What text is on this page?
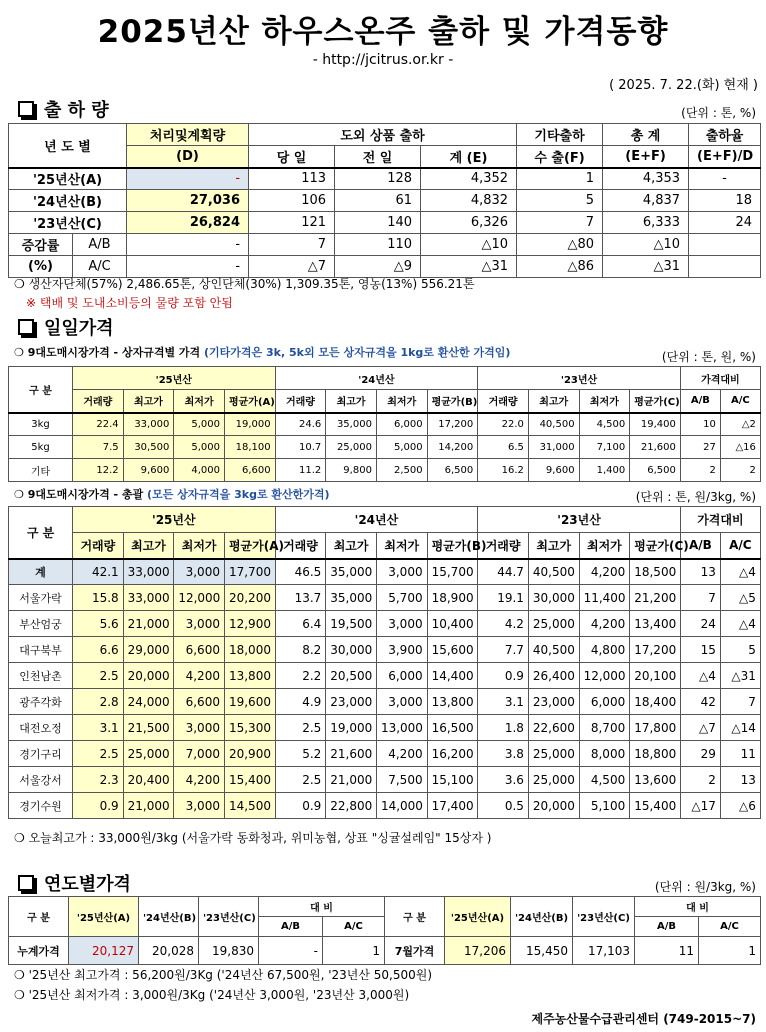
2025년산 하우스온주 출하 및 가격동향
- http://jcitrus.or.kr -
( 2025. 7. 22.(화) 현재 )
출 하 량	(단위 : 톤, %)
년 도 별		처리및계획량	도외 상품 출하			기타출하	총 계	출하율
		(D)	당 일	전 일	계 (E)	수 출(F)	(E+F)	(E+F)/D
'25년산(A)		-	113	128	4,352	1	4,353	-
'24년산(B)		27,036	106	61	4,832	5	4,837	18
'23년산(C)		26,824	121	140	6,326	7	6,333	24
증감률	A/B	-	7	110	△10	△80	△10	
(%)	A/C	-	△7	△9	△31	△86	△31	
❍ 생산자단체(57%) 2,486.65톤, 상인단체(30%) 1,309.35톤, 영농(13%) 556.21톤
※ 택배 및 도내소비등의 물량 포함 안됨
일일가격
❍ 9대도매시장가격 - 상자규격별 가격 (기타가격은 3k, 5k외 모든 상자규격을 1kg로 환산한 가격임)	(단위 : 톤, 원, %)
구 분	'25년산				'24년산				'23년산				가격대비	
	거래량	최고가	최저가	평균가(A)	거래량	최고가	최저가	평균가(B)	거래량	최고가	최저가	평균가(C)	A/B	A/C
3kg	22.4	33,000	5,000	19,000	24.6	35,000	6,000	17,200	22.0	40,500	4,500	19,400	10	△2
5kg	7.5	30,500	5,000	18,100	10.7	25,000	5,000	14,200	6.5	31,000	7,100	21,600	27	△16
기타	12.2	9,600	4,000	6,600	11.2	9,800	2,500	6,500	16.2	9,600	1,400	6,500	2	2
❍ 9대도매시장가격 - 총괄 (모든 상자규격을 3kg로 환산한가격)	(단위 : 톤, 원/3kg, %)
구 분	'25년산				'24년산				'23년산				가격대비	
	거래량	최고가	최저가	평균가(A)	거래량	최고가	최저가	평균가(B)	거래량	최고가	최저가	평균가(C)	A/B	A/C
계	42.1	33,000	3,000	17,700	46.5	35,000	3,000	15,700	44.7	40,500	4,200	18,500	13	△4
서울가락	15.8	33,000	12,000	20,200	13.7	35,000	5,700	18,900	19.1	30,000	11,400	21,200	7	△5
부산엄궁	5.6	21,000	3,000	12,900	6.4	19,500	3,000	10,400	4.2	25,000	4,200	13,400	24	△4
대구북부	6.6	29,000	6,600	18,000	8.2	30,000	3,900	15,600	7.7	40,500	4,800	17,200	15	5
인천남촌	2.5	20,000	4,200	13,800	2.2	20,500	6,000	14,400	0.9	26,400	12,000	20,100	△4	△31
광주각화	2.8	24,000	6,600	19,600	4.9	23,000	3,000	13,800	3.1	23,000	6,000	18,400	42	7
대전오정	3.1	21,500	3,000	15,300	2.5	19,000	13,000	16,500	1.8	22,600	8,700	17,800	△7	△14
경기구리	2.5	25,000	7,000	20,900	5.2	21,600	4,200	16,200	3.8	25,000	8,000	18,800	29	11
서울강서	2.3	20,400	4,200	15,400	2.5	21,000	7,500	15,100	3.6	25,000	4,500	13,600	2	13
경기수원	0.9	21,000	3,000	14,500	0.9	22,800	14,000	17,400	0.5	20,000	5,100	15,400	△17	△6
❍ 오늘최고가 : 33,000원/3kg (서울가락 동화청과, 위미농협, 상표 "싱귤설레임" 15상자 )
연도별가격	(단위 : 원/3kg, %)
구 분	'25년산(A)	'24년산(B)	'23년산(C)	대 비		구 분	'25년산(A)	'24년산(B)	'23년산(C)	대 비	
				A/B	A/C					A/B	A/C
누계가격	20,127	20,028	19,830	-	1	7월가격	17,206	15,450	17,103	11	1
❍ '25년산 최고가격 : 56,200원/3Kg ('24년산 67,500원, '23년산 50,500원)
❍ '25년산 최저가격 : 3,000원/3Kg ('24년산 3,000원, '23년산 3,000원)
제주농산물수급관리센터 (749-2015~7)
